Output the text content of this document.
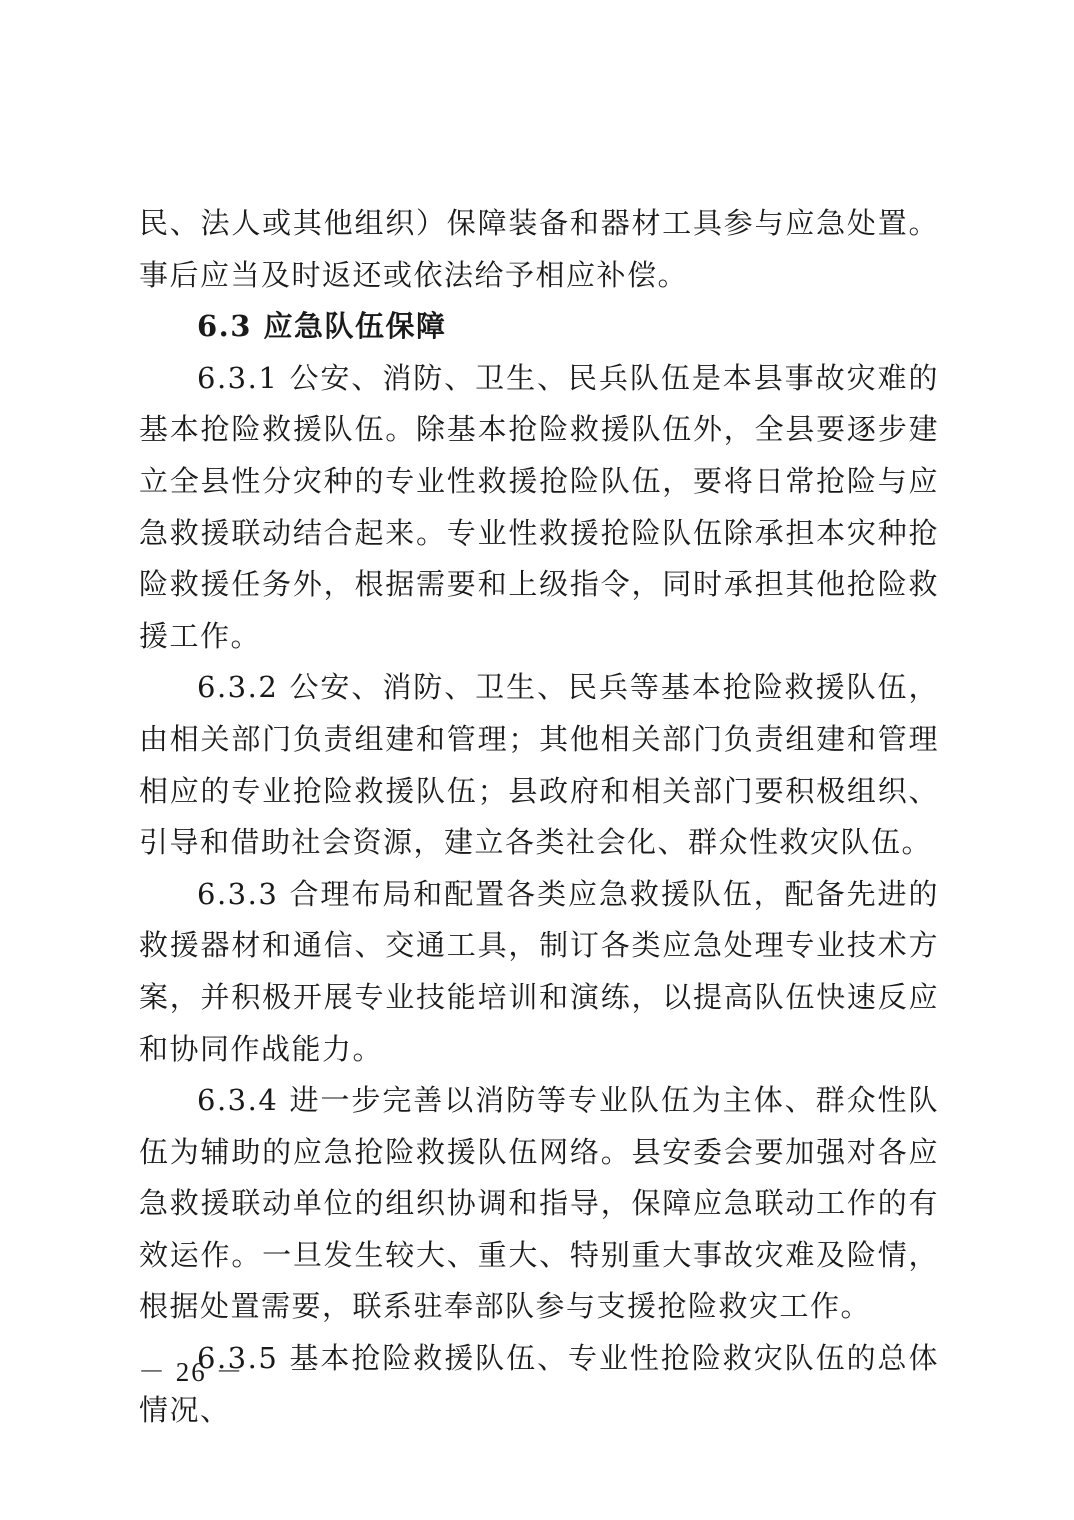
民、法人或其他组织）保障装备和器材工具参与应急处置。事后应当及时返还或依法给予相应补偿。

6.3 应急队伍保障

6.3.1 公安、消防、卫生、民兵队伍是本县事故灾难的基本抢险救援队伍。除基本抢险救援队伍外，全县要逐步建立全县性分灾种的专业性救援抢险队伍，要将日常抢险与应急救援联动结合起来。专业性救援抢险队伍除承担本灾种抢险救援任务外，根据需要和上级指令，同时承担其他抢险救援工作。

6.3.2 公安、消防、卫生、民兵等基本抢险救援队伍，由相关部门负责组建和管理；其他相关部门负责组建和管理相应的专业抢险救援队伍；县政府和相关部门要积极组织、引导和借助社会资源，建立各类社会化、群众性救灾队伍。

6.3.3 合理布局和配置各类应急救援队伍，配备先进的救援器材和通信、交通工具，制订各类应急处理专业技术方案，并积极开展专业技能培训和演练，以提高队伍快速反应和协同作战能力。

6.3.4 进一步完善以消防等专业队伍为主体、群众性队伍为辅助的应急抢险救援队伍网络。县安委会要加强对各应急救援联动单位的组织协调和指导，保障应急联动工作的有效运作。一旦发生较大、重大、特别重大事故灾难及险情，根据处置需要，联系驻奉部队参与支援抢险救灾工作。

6.3.5 基本抢险救援队伍、专业性抢险救灾队伍的总体情况、

－ 26 －
